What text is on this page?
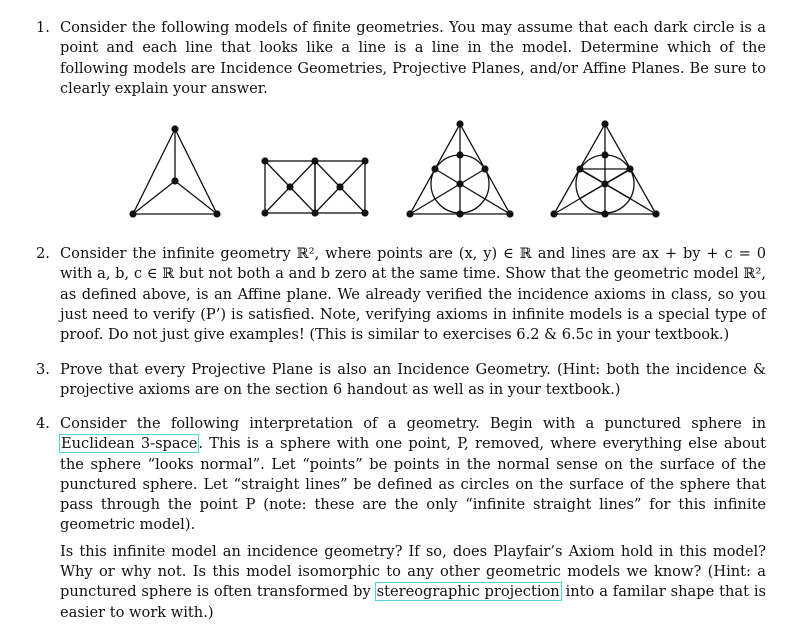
1. Consider the following models of finite geometries. You may assume that each dark circle is a point and each line that looks like a line is a line in the model. Determine which of the following models are Incidence Geometries, Projective Planes, and/or Affine Planes. Be sure to clearly explain your answer.

2. Consider the infinite geometry ℝ², where points are (x, y) ∈ ℝ and lines are ax + by + c = 0 with a, b, c ∈ ℝ but not both a and b zero at the same time. Show that the geometric model ℝ², as defined above, is an Affine plane. We already verified the incidence axioms in class, so you just need to verify (P’) is satisfied. Note, verifying axioms in infinite models is a special type of proof. Do not just give examples! (This is similar to exercises 6.2 & 6.5c in your textbook.)

3. Prove that every Projective Plane is also an Incidence Geometry. (Hint: both the incidence & projective axioms are on the section 6 handout as well as in your textbook.)

4. Consider the following interpretation of a geometry. Begin with a punctured sphere in Euclidean 3-space. This is a sphere with one point, P, removed, where everything else about the sphere “looks normal”. Let “points” be points in the normal sense on the surface of the punctured sphere. Let “straight lines” be defined as circles on the surface of the sphere that pass through the point P (note: these are the only “infinite straight lines” for this infinite geometric model).

Is this infinite model an incidence geometry? If so, does Playfair’s Axiom hold in this model? Why or why not. Is this model isomorphic to any other geometric models we know? (Hint: a punctured sphere is often transformed by stereographic projection into a familar shape that is easier to work with.)
